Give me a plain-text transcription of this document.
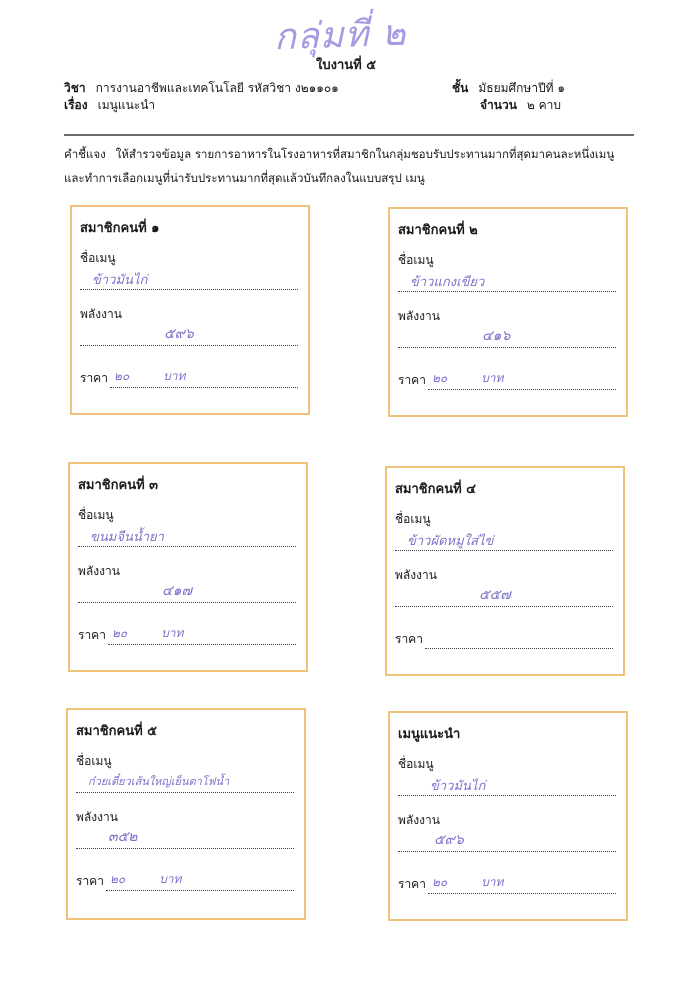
กลุ่มที่ ๒
ใบงานที่ ๕
วิชา การงานอาชีพและเทคโนโลยี รหัสวิชา ง๒๑๑๐๑	ชั้น มัธยมศึกษาปีที่ ๑
เรื่อง เมนูแนะนำ	จำนวน ๒ คาบ
คำชี้แจง ให้สำรวจข้อมูล รายการอาหารในโรงอาหารที่สมาชิกในกลุ่มชอบรับประทานมากที่สุดมาคนละหนึ่งเมนู
และทำการเลือกเมนูที่น่ารับประทานมากที่สุดแล้วบันทึกลงในแบบสรุป เมนู
สมาชิกคนที่ ๑
ชื่อเมนู
ข้าวมันไก่
พลังงาน
๕๙๖
ราคา ๒๐	บาท
สมาชิกคนที่ ๒
ชื่อเมนู
ข้าวแกงเขียว
พลังงาน
๔๑๖
ราคา ๒๐	บาท
สมาชิกคนที่ ๓
ชื่อเมนู
ขนมจีนน้ำยา
พลังงาน
๔๑๗
ราคา ๒๐	บาท
สมาชิกคนที่ ๔
ชื่อเมนู
ข้าวผัดหมูใส่ไข่
พลังงาน
๕๕๗
ราคา
สมาชิกคนที่ ๕
ชื่อเมนู
ก๋วยเตี๋ยวเส้นใหญ่เย็นตาโฟน้ำ
พลังงาน
๓๕๒
ราคา ๒๐	บาท
เมนูแนะนำ
ชื่อเมนู
ข้าวมันไก่
พลังงาน
๕๙๖
ราคา ๒๐	บาท
